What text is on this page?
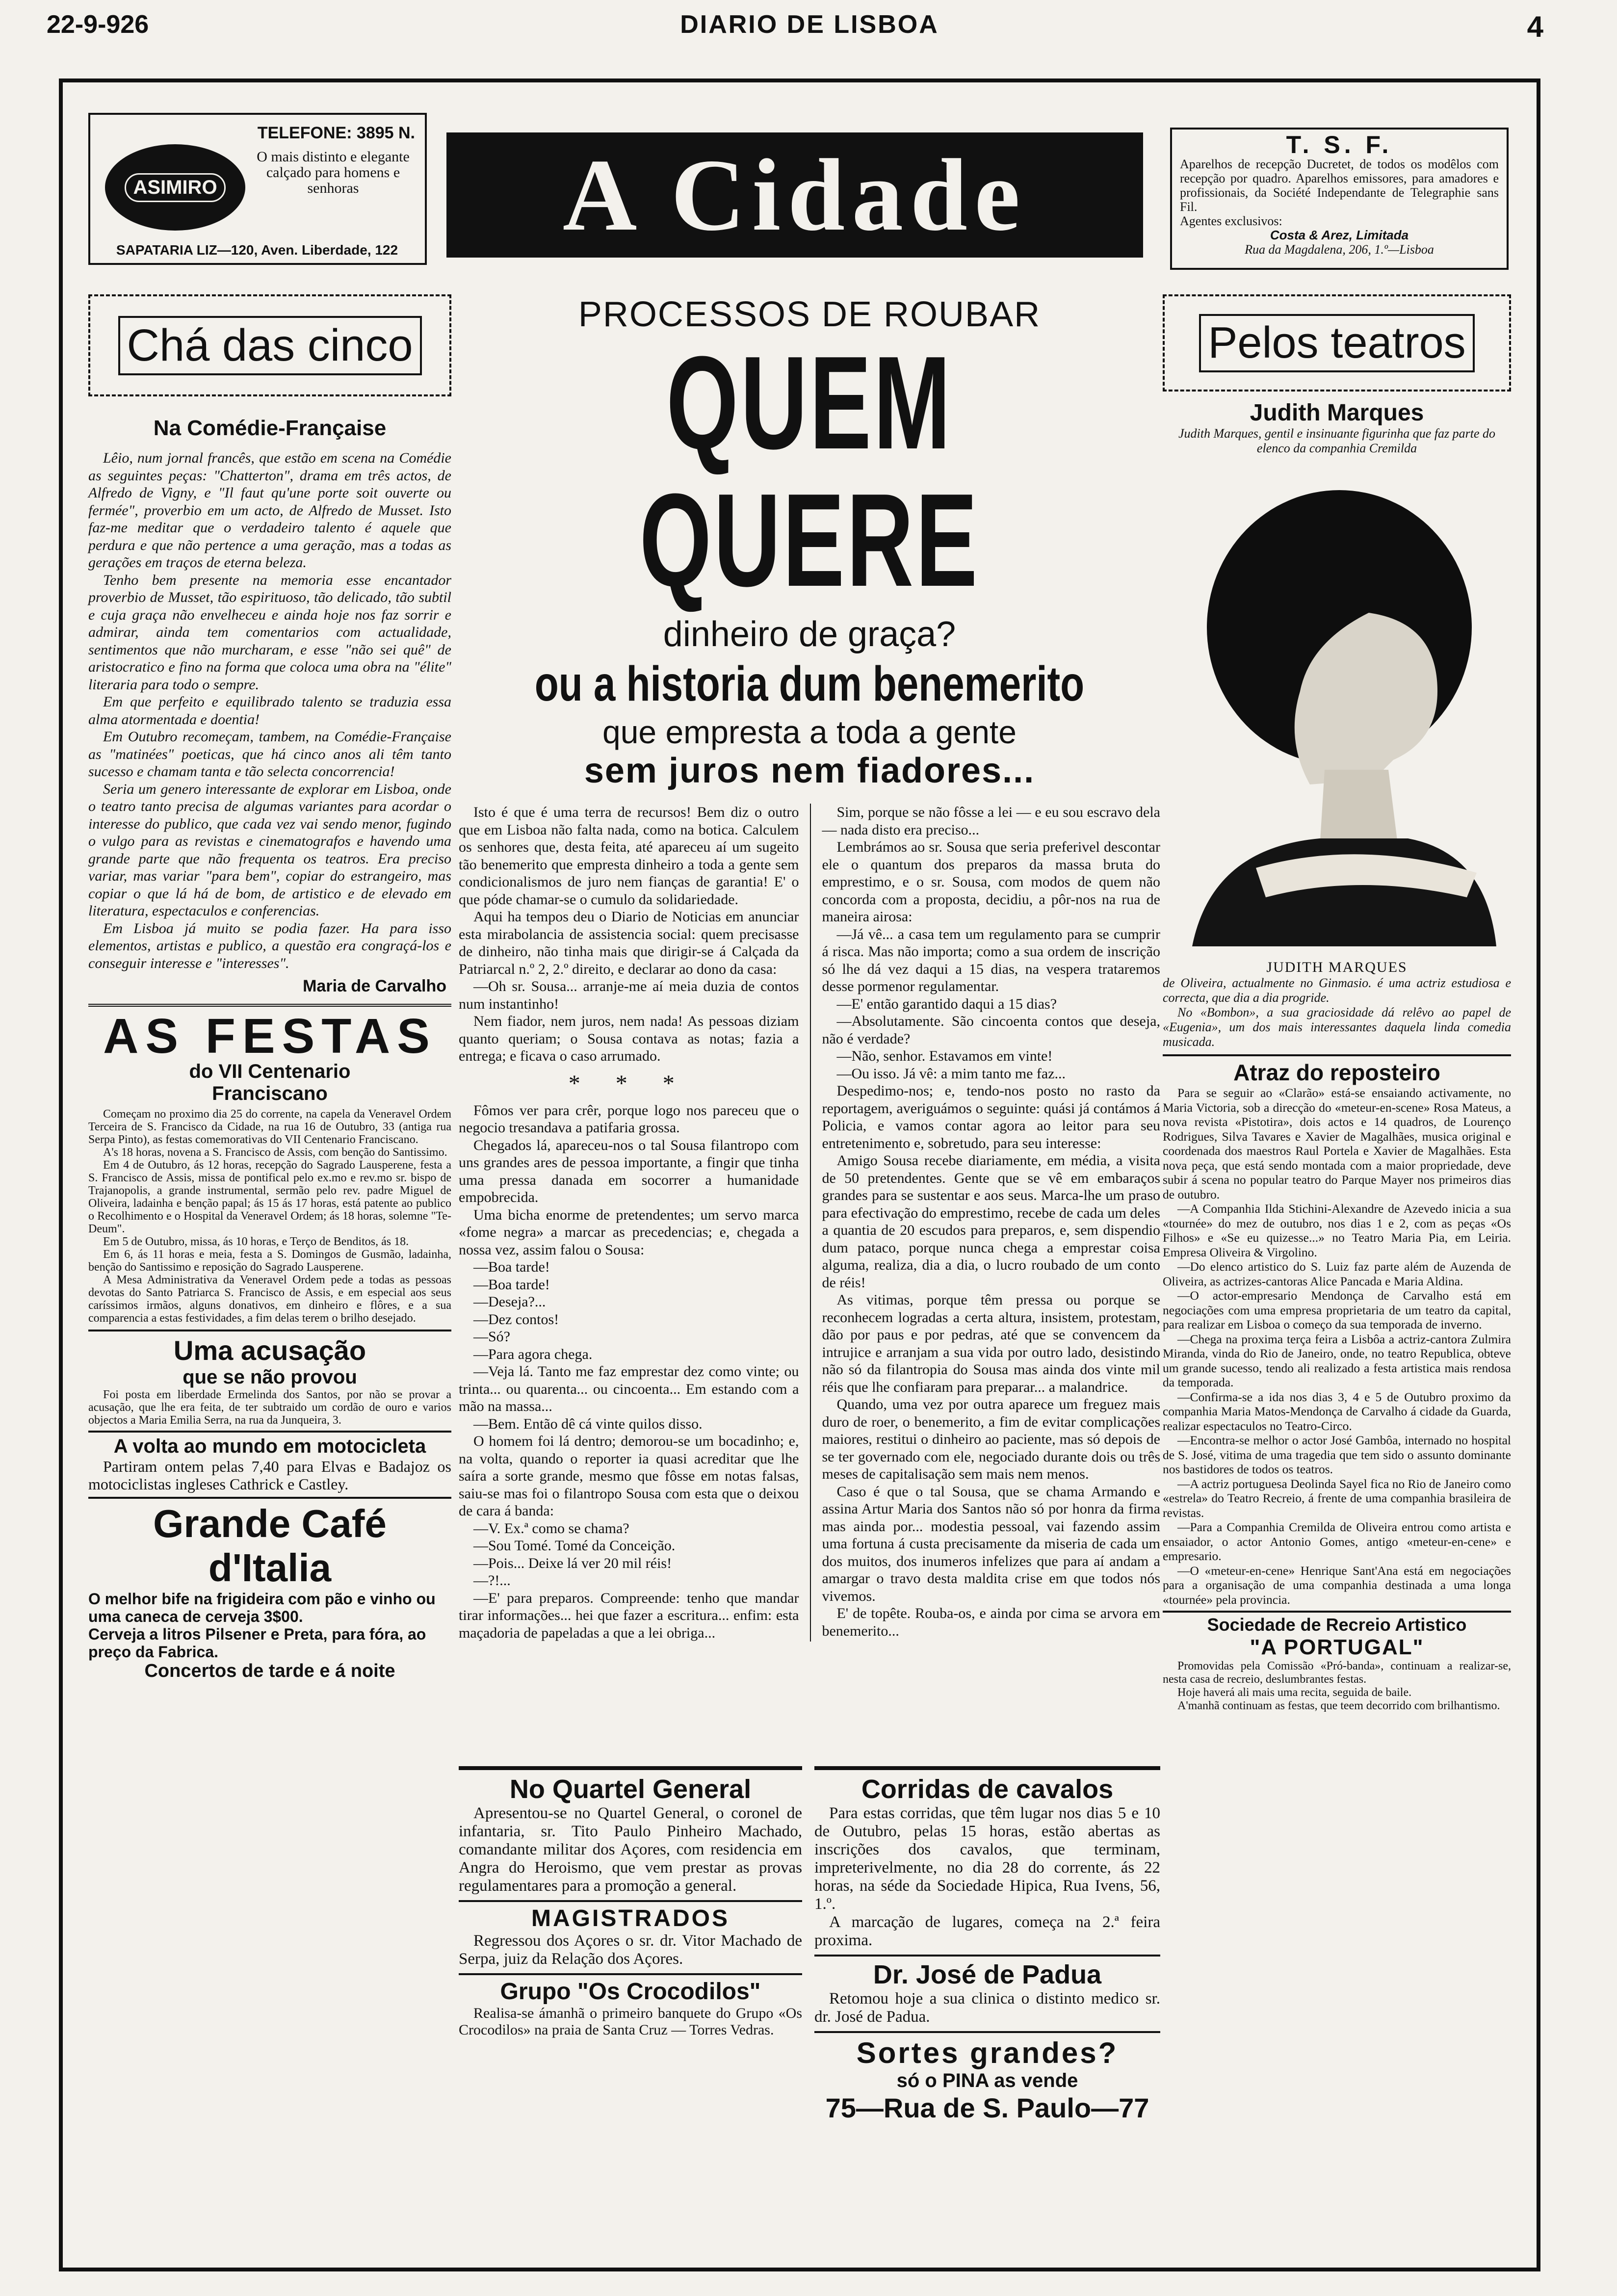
22-9-926	DIARIO DE LISBOA	4
TELEFONE: 3895 N.
ASIMIRO
O mais distinto e elegante calçado para homens e senhoras
SAPATARIA LIZ—120, Aven. Liberdade, 122 A Cidade	T. S. F.
Aparelhos de recepção Ducretet, de todos os modêlos com recepção por quadro. Aparelhos emissores, para amadores e profissionais, da Société Independante de Telegraphie sans Fil.
Agentes exclusivos:
Costa & Arez, Limitada
Rua da Magdalena, 206, 1.º—Lisboa
Chá das cinco
Na Comédie-Française

Lêio, num jornal francês, que estão em scena na Comédie as seguintes peças: "Chatterton", drama em três actos, de Alfredo de Vigny, e "Il faut qu'une porte soit ouverte ou fermée", proverbio em um acto, de Alfredo de Musset. Isto faz-me meditar que o verdadeiro talento é aquele que perdura e que não pertence a uma geração, mas a todas as gerações em traços de eterna beleza.

Tenho bem presente na memoria esse encantador proverbio de Musset, tão espirituoso, tão delicado, tão subtil e cuja graça não envelheceu e ainda hoje nos faz sorrir e admirar, ainda tem comentarios com actualidade, sentimentos que não murcharam, e esse "não sei quê" de aristocratico e fino na forma que coloca uma obra na "élite" literaria para todo o sempre.

Em que perfeito e equilibrado talento se traduzia essa alma atormentada e doentia!

Em Outubro recomeçam, tambem, na Comédie-Française as "matinées" poeticas, que há cinco anos ali têm tanto sucesso e chamam tanta e tão selecta concorrencia!

Seria um genero interessante de explorar em Lisboa, onde o teatro tanto precisa de algumas variantes para acordar o interesse do publico, que cada vez vai sendo menor, fugindo o vulgo para as revistas e cinematografos e havendo uma grande parte que não frequenta os teatros. Era preciso variar, mas variar "para bem", copiar do estrangeiro, mas copiar o que lá há de bom, de artistico e de elevado em literatura, espectaculos e conferencias.

Em Lisboa já muito se podia fazer. Ha para isso elementos, artistas e publico, a questão era congraçá-los e conseguir interesse e "interesses".

Maria de Carvalho
AS FESTAS
do VII Centenario
Franciscano

Começam no proximo dia 25 do corrente, na capela da Veneravel Ordem Terceira de S. Francisco da Cidade, na rua 16 de Outubro, 33 (antiga rua Serpa Pinto), as festas comemorativas do VII Centenario Franciscano.

A's 18 horas, novena a S. Francisco de Assis, com benção do Santissimo.

Em 4 de Outubro, ás 12 horas, recepção do Sagrado Lausperene, festa a S. Francisco de Assis, missa de pontifical pelo ex.mo e rev.mo sr. bispo de Trajanopolis, a grande instrumental, sermão pelo rev. padre Miguel de Oliveira, ladainha e benção papal; ás 15 ás 17 horas, está patente ao publico o Recolhimento e o Hospital da Veneravel Ordem; ás 18 horas, solemne "Te-Deum".

Em 5 de Outubro, missa, ás 10 horas, e Terço de Benditos, ás 18.

Em 6, ás 11 horas e meia, festa a S. Domingos de Gusmão, ladainha, benção do Santissimo e reposição do Sagrado Lausperene.

A Mesa Administrativa da Veneravel Ordem pede a todas as pessoas devotas do Santo Patriarca S. Francisco de Assis, e em especial aos seus caríssimos irmãos, alguns donativos, em dinheiro e flôres, e a sua comparencia a estas festividades, a fim delas terem o brilho desejado.

Uma acusação
que se não provou

Foi posta em liberdade Ermelinda dos Santos, por não se provar a acusação, que lhe era feita, de ter subtraido um cordão de ouro e varios objectos a Maria Emilia Serra, na rua da Junqueira, 3.

A volta ao mundo em motocicleta

Partiram ontem pelas 7,40 para Elvas e Badajoz os motociclistas ingleses Cathrick e Castley.

Grande Café d'Italia
O melhor bife na frigideira com pão e vinho ou uma caneca de cerveja 3$00.
Cerveja a litros Pilsener e Preta, para fóra, ao preço da Fabrica.
Concertos de tarde e á noite
PROCESSOS DE ROUBAR
QUEM QUERE
dinheiro de graça?
ou a historia dum benemerito
que empresta a toda a gente
sem juros nem fiadores...

Isto é que é uma terra de recursos! Bem diz o outro que em Lisboa não falta nada, como na botica. Calculem os senhores que, desta feita, até apareceu aí um sugeito tão benemerito que empresta dinheiro a toda a gente sem condicionalismos de juro nem fianças de garantia! E' o que póde chamar-se o cumulo da solidariedade.

Aqui ha tempos deu o Diario de Noticias em anunciar esta mirabolancia de assistencia social: quem precisasse de dinheiro, não tinha mais que dirigir-se á Calçada da Patriarcal n.º 2, 2.º direito, e declarar ao dono da casa:

—Oh sr. Sousa... arranje-me aí meia duzia de contos num instantinho!

Nem fiador, nem juros, nem nada! As pessoas diziam quanto queriam; o Sousa contava as notas; fazia a entrega; e ficava o caso arrumado.

* * *

Fômos ver para crêr, porque logo nos pareceu que o negocio tresandava a patifaria grossa.

Chegados lá, apareceu-nos o tal Sousa filantropo com uns grandes ares de pessoa importante, a fingir que tinha uma pressa danada em socorrer a humanidade empobrecida.

Uma bicha enorme de pretendentes; um servo marca «fome negra» a marcar as precedencias; e, chegada a nossa vez, assim falou o Sousa:

—Boa tarde!

—Boa tarde!

—Deseja?...

—Dez contos!

—Só?

—Para agora chega.

—Veja lá. Tanto me faz emprestar dez como vinte; ou trinta... ou quarenta... ou cincoenta... Em estando com a mão na massa...

—Bem. Então dê cá vinte quilos disso.

O homem foi lá dentro; demorou-se um bocadinho; e, na volta, quando o reporter ia quasi acreditar que lhe saíra a sorte grande, mesmo que fôsse em notas falsas, saiu-se mas foi o filantropo Sousa com esta que o deixou de cara á banda:

—V. Ex.ª como se chama?

—Sou Tomé. Tomé da Conceição.

—Pois... Deixe lá ver 20 mil réis!

—?!...

—E' para preparos. Compreende: tenho que mandar tirar informações... hei que fazer a escritura... enfim: esta maçadoria de papeladas a que a lei obriga...

Sim, porque se não fôsse a lei — e eu sou escravo dela — nada disto era preciso...

Lembrámos ao sr. Sousa que seria preferivel descontar ele o quantum dos preparos da massa bruta do emprestimo, e o sr. Sousa, com modos de quem não concorda com a proposta, decidiu, a pôr-nos na rua de maneira airosa:

—Já vê... a casa tem um regulamento para se cumprir á risca. Mas não importa; como a sua ordem de inscrição só lhe dá vez daqui a 15 dias, na vespera trataremos desse pormenor regulamentar.

—E' então garantido daqui a 15 dias?

—Absolutamente. São cincoenta contos que deseja, não é verdade?

—Não, senhor. Estavamos em vinte!

—Ou isso. Já vê: a mim tanto me faz...

Despedimo-nos; e, tendo-nos posto no rasto da reportagem, averiguámos o seguinte: quási já contámos á Policia, e vamos contar agora ao leitor para seu entretenimento e, sobretudo, para seu interesse:

Amigo Sousa recebe diariamente, em média, a visita de 50 pretendentes. Gente que se vê em embaraços grandes para se sustentar e aos seus. Marca-lhe um praso para efectivação do emprestimo, recebe de cada um deles a quantia de 20 escudos para preparos, e, sem dispendio dum pataco, porque nunca chega a emprestar coisa alguma, realiza, dia a dia, o lucro roubado de um conto de réis!

As vitimas, porque têm pressa ou porque se reconhecem logradas a certa altura, insistem, protestam, dão por paus e por pedras, até que se convencem da intrujice e arranjam a sua vida por outro lado, desistindo não só da filantropia do Sousa mas ainda dos vinte mil réis que lhe confiaram para preparar... a malandrice.

Quando, uma vez por outra aparece um freguez mais duro de roer, o benemerito, a fim de evitar complicações maiores, restitui o dinheiro ao paciente, mas só depois de se ter governado com ele, negociado durante dois ou três meses de capitalisação sem mais nem menos.

Caso é que o tal Sousa, que se chama Armando e assina Artur Maria dos Santos não só por honra da firma mas ainda por... modestia pessoal, vai fazendo assim uma fortuna á custa precisamente da miseria de cada um dos muitos, dos inumeros infelizes que para aí andam a amargar o travo desta maldita crise em que todos nós vivemos.

E' de topête. Rouba-os, e ainda por cima se arvora em benemerito...

No Quartel General

Apresentou-se no Quartel General, o coronel de infantaria, sr. Tito Paulo Pinheiro Machado, comandante militar dos Açores, com residencia em Angra do Heroismo, que vem prestar as provas regulamentares para a promoção a general.

MAGISTRADOS

Regressou dos Açores o sr. dr. Vitor Machado de Serpa, juiz da Relação dos Açores.

Grupo "Os Crocodilos"

Realisa-se ámanhã o primeiro banquete do Grupo «Os Crocodilos» na praia de Santa Cruz — Torres Vedras.

Corridas de cavalos

Para estas corridas, que têm lugar nos dias 5 e 10 de Outubro, pelas 15 horas, estão abertas as inscrições dos cavalos, que terminam, impreterivelmente, no dia 28 do corrente, ás 22 horas, na séde da Sociedade Hipica, Rua Ivens, 56, 1.º.

A marcação de lugares, começa na 2.ª feira proxima.

Dr. José de Padua

Retomou hoje a sua clinica o distinto medico sr. dr. José de Padua.

Sortes grandes?
só o PINA as vende
75—Rua de S. Paulo—77
Pelos teatros
Judith Marques
Judith Marques, gentil e insinuante figurinha que faz parte do elenco da companhia Cremilda
JUDITH MARQUES
de Oliveira, actualmente no Ginmasio. é uma actriz estudiosa e correcta, que dia a dia progride.
No «Bombon», a sua graciosidade dá relêvo ao papel de «Eugenia», um dos mais interessantes daquela linda comedia musicada.
Atraz do reposteiro

Para se seguir ao «Clarão» está-se ensaiando activamente, no Maria Victoria, sob a direcção do «meteur-en-scene» Rosa Mateus, a nova revista «Pistotira», dois actos e 14 quadros, de Lourenço Rodrigues, Silva Tavares e Xavier de Magalhães, musica original e coordenada dos maestros Raul Portela e Xavier de Magalhães. Esta nova peça, que está sendo montada com a maior propriedade, deve subir á scena no popular teatro do Parque Mayer nos primeiros dias de outubro.

—A Companhia Ilda Stichini-Alexandre de Azevedo inicia a sua «tournée» do mez de outubro, nos dias 1 e 2, com as peças «Os Filhos» e «Se eu quizesse...» no Teatro Maria Pia, em Leiria. Empresa Oliveira & Virgolino.

—Do elenco artistico do S. Luiz faz parte além de Auzenda de Oliveira, as actrizes-cantoras Alice Pancada e Maria Aldina.

—O actor-empresario Mendonça de Carvalho está em negociações com uma empresa proprietaria de um teatro da capital, para realizar em Lisboa o começo da sua temporada de inverno.

—Chega na proxima terça feira a Lisbôa a actriz-cantora Zulmira Miranda, vinda do Rio de Janeiro, onde, no teatro Republica, obteve um grande sucesso, tendo ali realizado a festa artistica mais rendosa da temporada.

—Confirma-se a ida nos dias 3, 4 e 5 de Outubro proximo da companhia Maria Matos-Mendonça de Carvalho á cidade da Guarda, realizar espectaculos no Teatro-Circo.

—Encontra-se melhor o actor José Gambôa, internado no hospital de S. José, vitima de uma tragedia que tem sido o assunto dominante nos bastidores de todos os teatros.

—A actriz portuguesa Deolinda Sayel fica no Rio de Janeiro como «estrela» do Teatro Recreio, á frente de uma companhia brasileira de revistas.

—Para a Companhia Cremilda de Oliveira entrou como artista e ensaiador, o actor Antonio Gomes, antigo «meteur-en-cene» e empresario.

—O «meteur-en-cene» Henrique Sant'Ana está em negociações para a organisação de uma companhia destinada a uma longa «tournée» pela provincia.

Sociedade de Recreio Artistico
"A PORTUGAL"

Promovidas pela Comissão «Pró-banda», continuam a realizar-se, nesta casa de recreio, deslumbrantes festas.

Hoje haverá ali mais uma recita, seguida de baile.

A'manhã continuam as festas, que teem decorrido com brilhantismo.
